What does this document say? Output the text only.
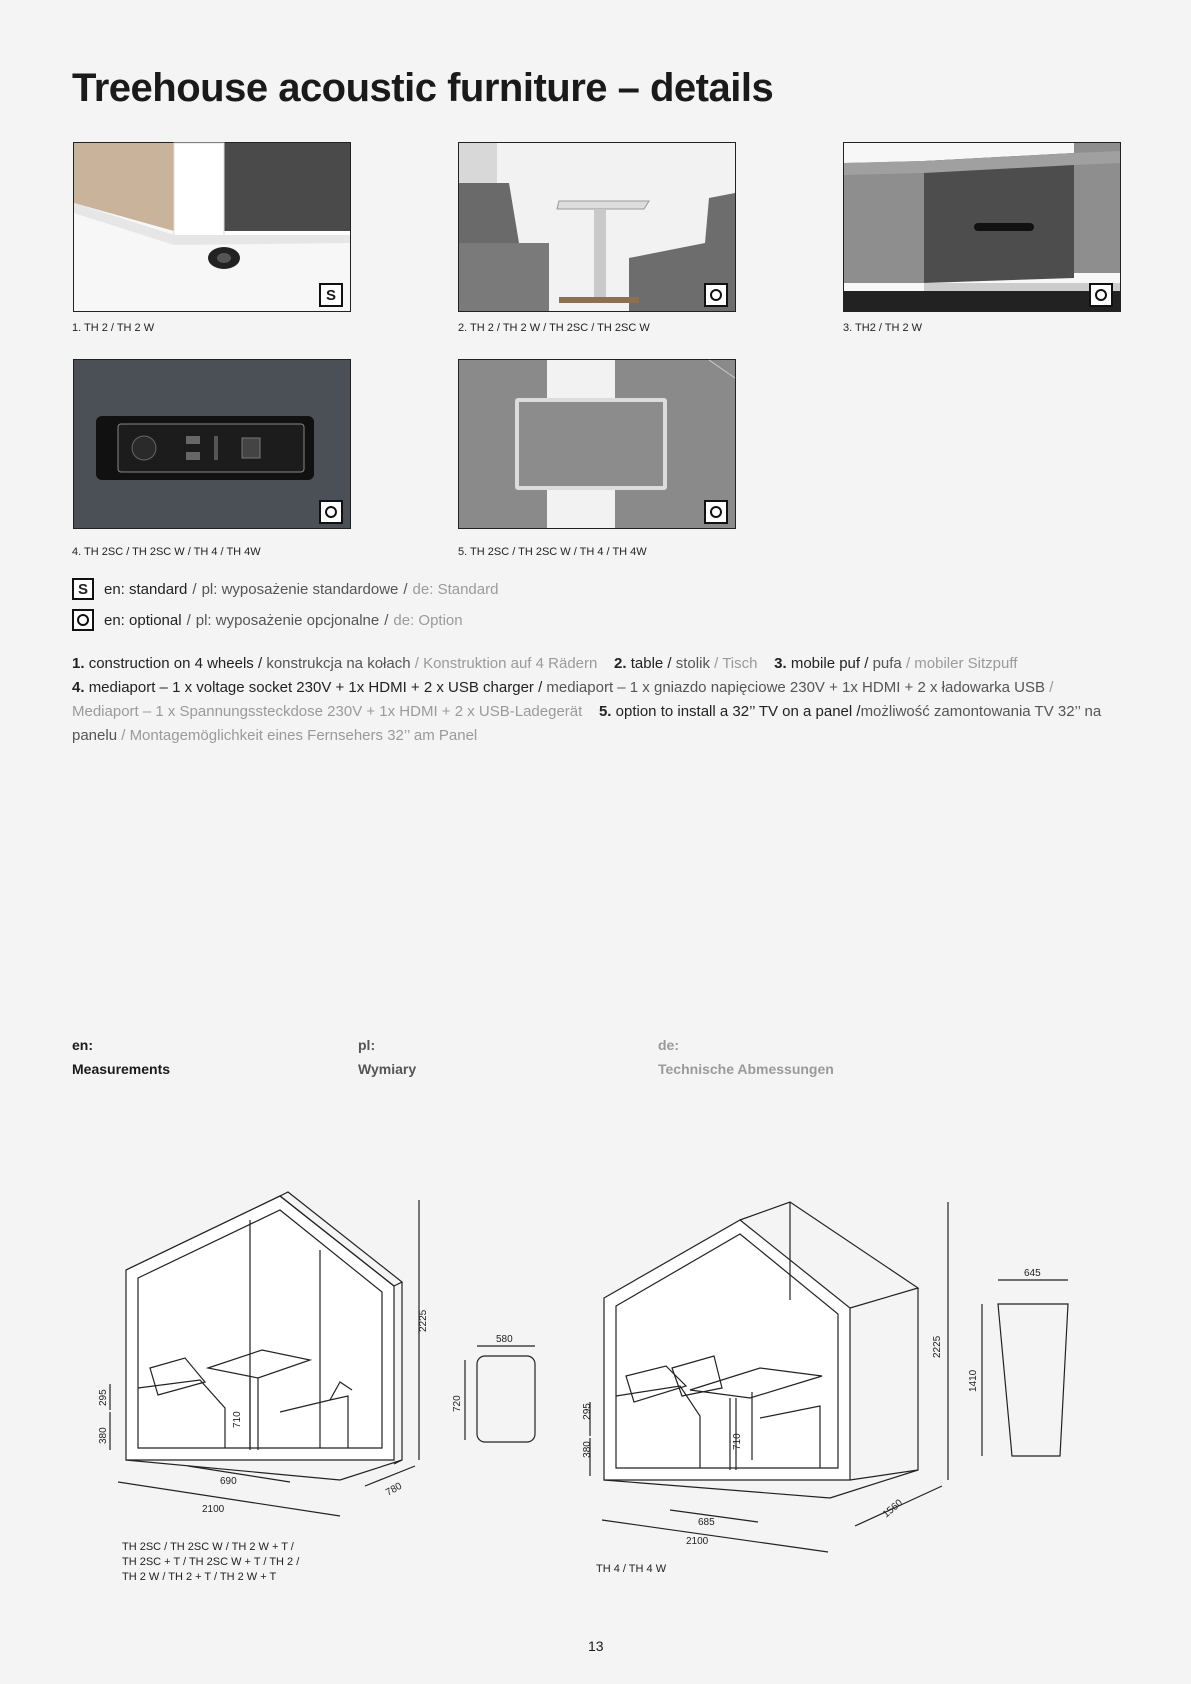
Treehouse acoustic furniture – details
S
1. TH 2 / TH 2 W	2. TH 2 / TH 2 W / TH 2SC / TH 2SC W	3. TH2 / TH 2 W
4. TH 2SC / TH 2SC W / TH 4 / TH 4W	5. TH 2SC / TH 2SC W / TH 4 / TH 4W
S	en: standard / pl: wyposażenie standardowe / de: Standard
en: optional / pl: wyposażenie opcjonalne / de: Option
1. construction on 4 wheels / konstrukcja na kołach / Konstruktion auf 4 Rädern 2. table / stolik / Tisch 3. mobile puf / pufa / mobiler Sitzpuff
4. mediaport – 1 x voltage socket 230V + 1x HDMI + 2 x USB charger / mediaport – 1 x gniazdo napięciowe 230V + 1x HDMI + 2 x ładowarka USB / Mediaport – 1 x Spannungssteckdose 230V + 1x HDMI + 2 x USB-Ladegerät 5. option to install a 32’’ TV on a panel /możliwość zamontowania TV 32’’ na panelu / Montagemöglichkeit eines Fernsehers 32’’ am Panel
en:
Measurements
pl:
Wymiary
de:
Technische Abmessungen
2225
295
380
710
690
2100
780
580
720
TH 2SC / TH 2SC W / TH 2 W + T /
TH 2SC + T / TH 2SC W + T / TH 2 /
TH 2 W / TH 2 + T / TH 2 W + T
2225
685
2100
1560
645
1410
710
295
380
TH 4 / TH 4 W
13
